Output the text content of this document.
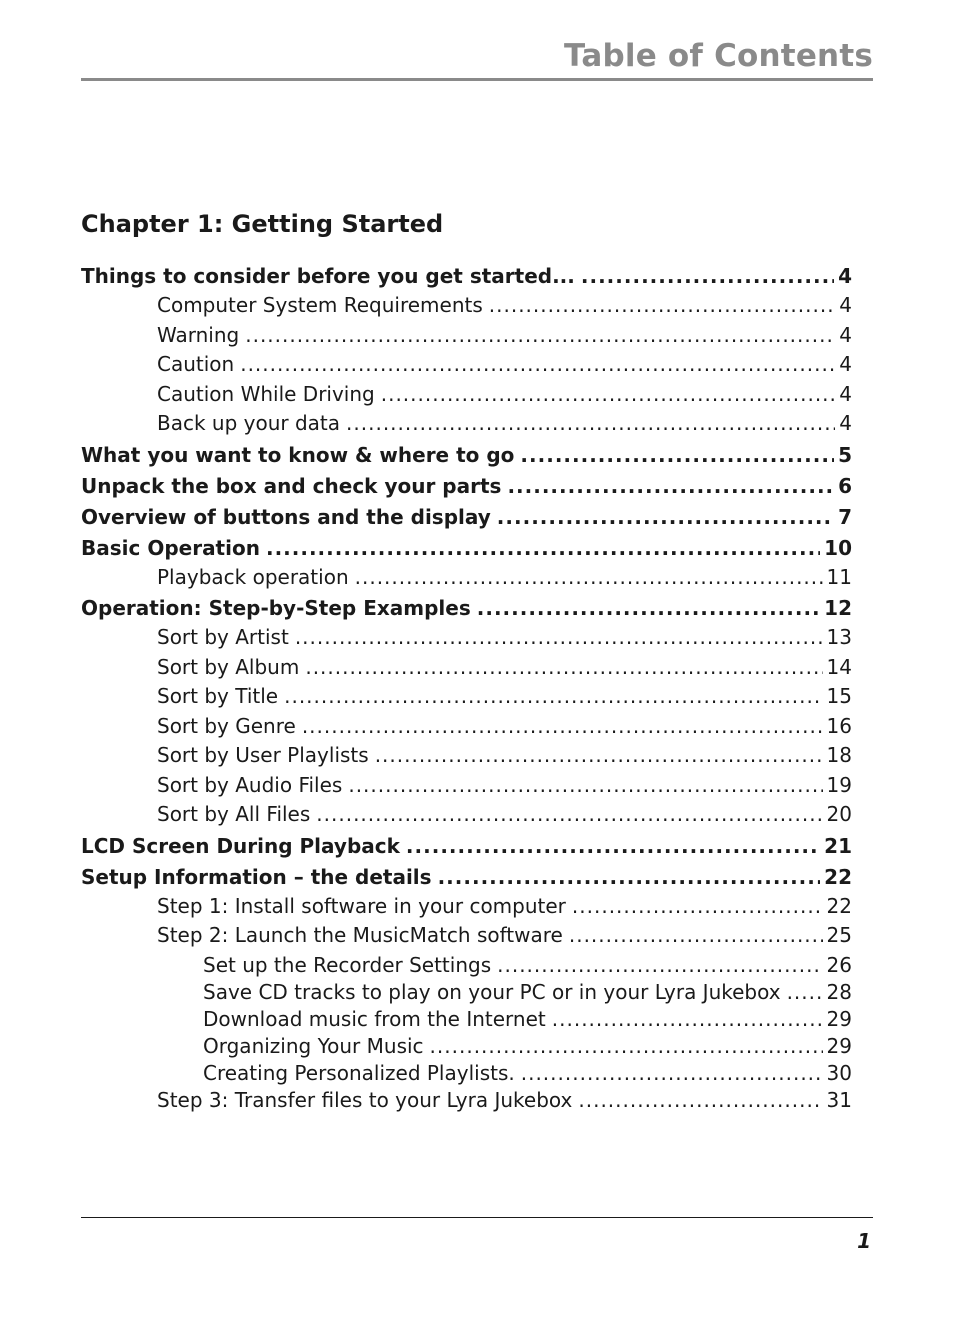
Table of Contents
Chapter 1: Getting Started
Things to consider before you get started... .....	4
Computer System Requirements .....	4
Warning .....	4
Caution .....	4
Caution While Driving .....	4
Back up your data .....	4
What you want to know & where to go .....	5
Unpack the box and check your parts .....	6
Overview of buttons and the display .....	7
Basic Operation .....	10
Playback operation .....	11
Operation: Step-by-Step Examples .....	12
Sort by Artist .....	13
Sort by Album .....	14
Sort by Title .....	15
Sort by Genre .....	16
Sort by User Playlists .....	18
Sort by Audio Files .....	19
Sort by All Files .....	20
LCD Screen During Playback .....	21
Setup Information – the details .....	22
Step 1: Install software in your computer .....	22
Step 2: Launch the MusicMatch software .....	25
Set up the Recorder Settings .....	26
Save CD tracks to play on your PC or in your Lyra Jukebox ..... 28
Download music from the Internet .....	29
Organizing Your Music .....	29
Creating Personalized Playlists. .....	30
Step 3: Transfer files to your Lyra Jukebox .....	31
1
